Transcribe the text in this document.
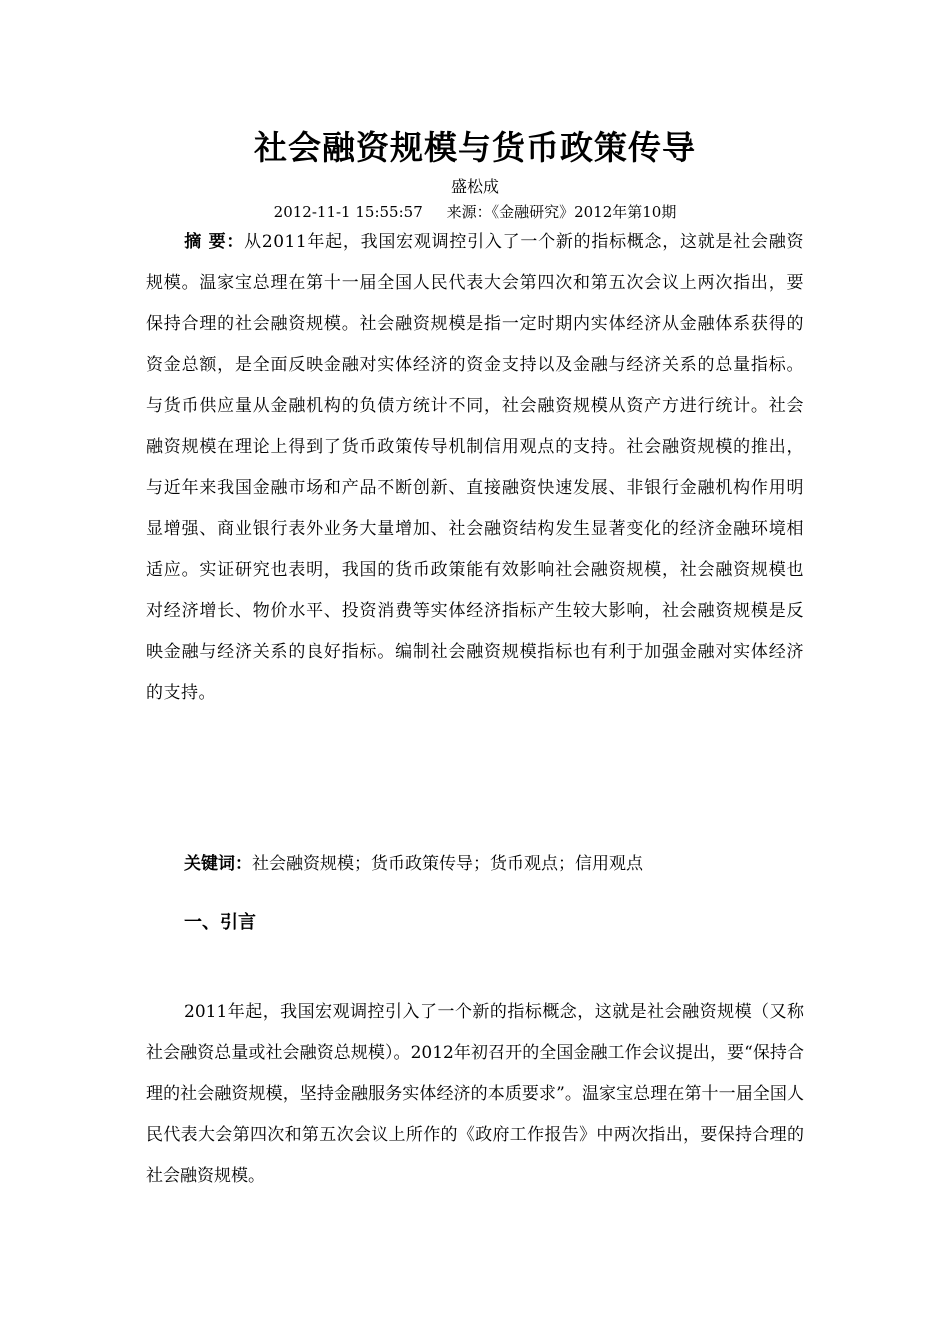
社会融资规模与货币政策传导
盛松成
2012-11-1 15:55:57     来源：《金融研究》2012年第10期
摘 要：从2011年起，我国宏观调控引入了一个新的指标概念，这就是社会融资规模。温家宝总理在第十一届全国人民代表大会第四次和第五次会议上两次指出，要保持合理的社会融资规模。社会融资规模是指一定时期内实体经济从金融体系获得的资金总额，是全面反映金融对实体经济的资金支持以及金融与经济关系的总量指标。与货币供应量从金融机构的负债方统计不同，社会融资规模从资产方进行统计。社会融资规模在理论上得到了货币政策传导机制信用观点的支持。社会融资规模的推出，与近年来我国金融市场和产品不断创新、直接融资快速发展、非银行金融机构作用明显增强、商业银行表外业务大量增加、社会融资结构发生显著变化的经济金融环境相适应。实证研究也表明，我国的货币政策能有效影响社会融资规模，社会融资规模也对经济增长、物价水平、投资消费等实体经济指标产生较大影响，社会融资规模是反映金融与经济关系的良好指标。编制社会融资规模指标也有利于加强金融对实体经济的支持。
关键词：社会融资规模；货币政策传导；货币观点；信用观点
一、引言
2011年起，我国宏观调控引入了一个新的指标概念，这就是社会融资规模（又称社会融资总量或社会融资总规模）。2012年初召开的全国金融工作会议提出，要“保持合理的社会融资规模，坚持金融服务实体经济的本质要求”。温家宝总理在第十一届全国人民代表大会第四次和第五次会议上所作的《政府工作报告》中两次指出，要保持合理的社会融资规模。
